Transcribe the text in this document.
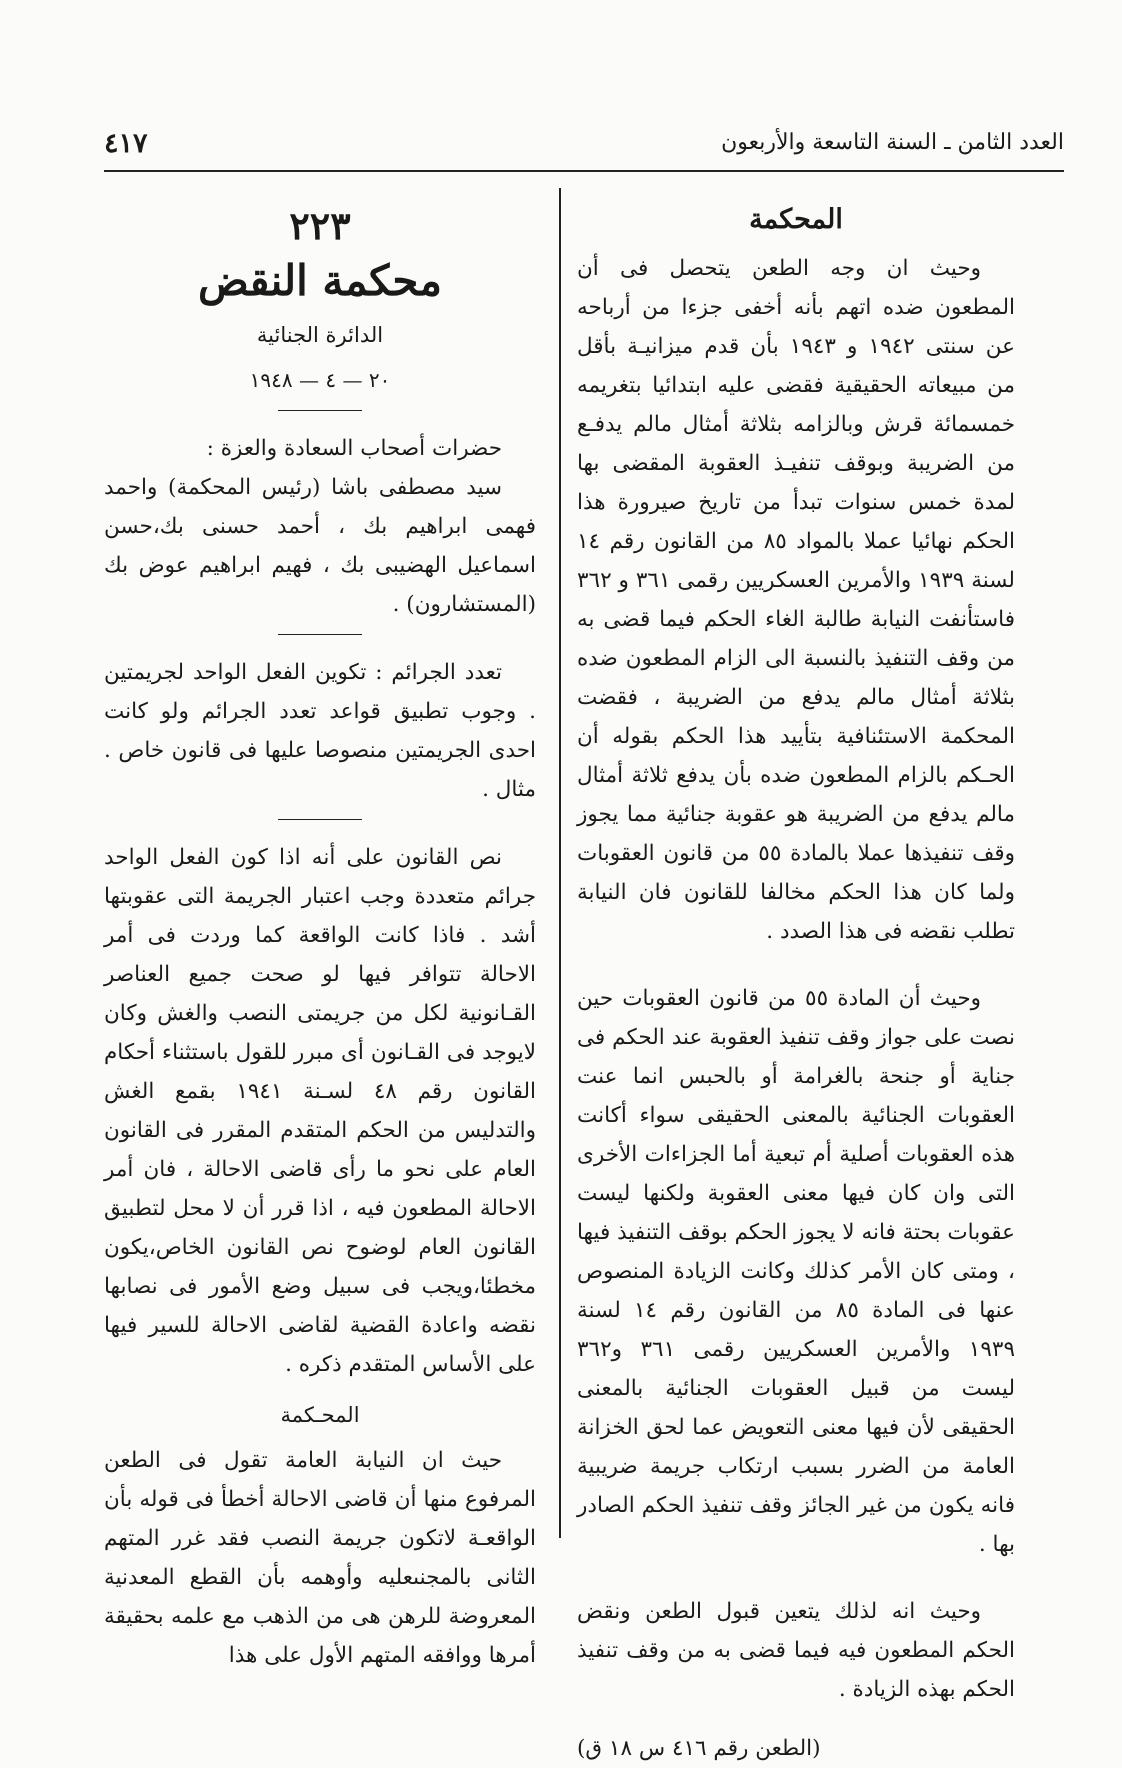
العدد الثامن ـ السنة التاسعة والأربعون
٤١٧
المحكمة

وحيث ان وجه الطعن يتحصل فى أن المطعون ضده اتهم بأنه أخفى جزءا من أرباحه عن سنتى ١٩٤٢ و ١٩٤٣ بأن قدم ميزانيـة بأقل من مبيعاته الحقيقية فقضى عليه ابتدائيا بتغريمه خمسمائة قرش وبالزامه بثلاثة أمثال مالم يدفـع من الضريبة وبوقف تنفيـذ العقوبة المقضى بها لمدة خمس سنوات تبدأ من تاريخ صيرورة هذا الحكم نهائيا عملا بالمواد ٨٥ من القانون رقم ١٤ لسنة ١٩٣٩ والأمرين العسكريين رقمى ٣٦١ و ٣٦٢ فاستأنفت النيابة طالبة الغاء الحكم فيما قضى به من وقف التنفيذ بالنسبة الى الزام المطعون ضده بثلاثة أمثال مالم يدفع من الضريبة ، فقضت المحكمة الاستئنافية بتأييد هذا الحكم بقوله أن الحـكم بالزام المطعون ضده بأن يدفع ثلاثة أمثال مالم يدفع من الضريبة هو عقوبة جنائية مما يجوز وقف تنفيذها عملا بالمادة ٥٥ من قانون العقوبات ولما كان هذا الحكم مخالفا للقانون فان النيابة تطلب نقضه فى هذا الصدد .

وحيث أن المادة ٥٥ من قانون العقوبات حين نصت على جواز وقف تنفيذ العقوبة عند الحكم فى جناية أو جنحة بالغرامة أو بالحبس انما عنت العقوبات الجنائية بالمعنى الحقيقى سواء أكانت هذه العقوبات أصلية أم تبعية أما الجزاءات الأخرى التى وان كان فيها معنى العقوبة ولكنها ليست عقوبات بحتة فانه لا يجوز الحكم بوقف التنفيذ فيها ، ومتى كان الأمر كذلك وكانت الزيادة المنصوص عنها فى المادة ٨٥ من القانون رقم ١٤ لسنة ١٩٣٩ والأمرين العسكريين رقمى ٣٦١ و٣٦٢ ليست من قبيل العقوبات الجنائية بالمعنى الحقيقى لأن فيها معنى التعويض عما لحق الخزانة العامة من الضرر بسبب ارتكاب جريمة ضريبية فانه يكون من غير الجائز وقف تنفيذ الحكم الصادر بها .

وحيث انه لذلك يتعين قبول الطعن ونقض الحكم المطعون فيه فيما قضى به من وقف تنفيذ الحكم بهذه الزيادة .

(الطعن رقم ٤١٦ س ١٨ ق)

٢٢٣
محكمة النقض
الدائرة الجنائية
٢٠ — ٤ — ١٩٤٨

حضرات أصحاب السعادة والعزة :

سيد مصطفى باشا (رئيس المحكمة) واحمد فهمى ابراهيم بك ، أحمد حسنى بك،حسن اسماعيل الهضيبى بك ، فهيم ابراهيم عوض بك (المستشارون) .

تعدد الجرائم : تكوين الفعل الواحد لجريمتين . وجوب تطبيق قواعد تعدد الجرائم ولو كانت احدى الجريمتين منصوصا عليها فى قانون خاص . مثال .

نص القانون على أنه اذا كون الفعل الواحد جرائم متعددة وجب اعتبار الجريمة التى عقوبتها أشد . فاذا كانت الواقعة كما وردت فى أمر الاحالة تتوافر فيها لو صحت جميع العناصر القـانونية لكل من جريمتى النصب والغش وكان لايوجد فى القـانون أى مبرر للقول باستثناء أحكام القانون رقم ٤٨ لسـنة ١٩٤١ بقمع الغش والتدليس من الحكم المتقدم المقرر فى القانون العام على نحو ما رأى قاضى الاحالة ، فان أمر الاحالة المطعون فيه ، اذا قرر أن لا محل لتطبيق القانون العام لوضوح نص القانون الخاص،يكون مخطئا،ويجب فى سبيل وضع الأمور فى نصابها نقضه واعادة القضية لقاضى الاحالة للسير فيها على الأساس المتقدم ذكره .

المحـكمة

حيث ان النيابة العامة تقول فى الطعن المرفوع منها أن قاضى الاحالة أخطأ فى قوله بأن الواقعـة لاتكون جريمة النصب فقد غرر المتهم الثانى بالمجنىعليه وأوهمه بأن القطع المعدنية المعروضة للرهن هى من الذهب مع علمه بحقيقة أمرها ووافقه المتهم الأول على هذا
